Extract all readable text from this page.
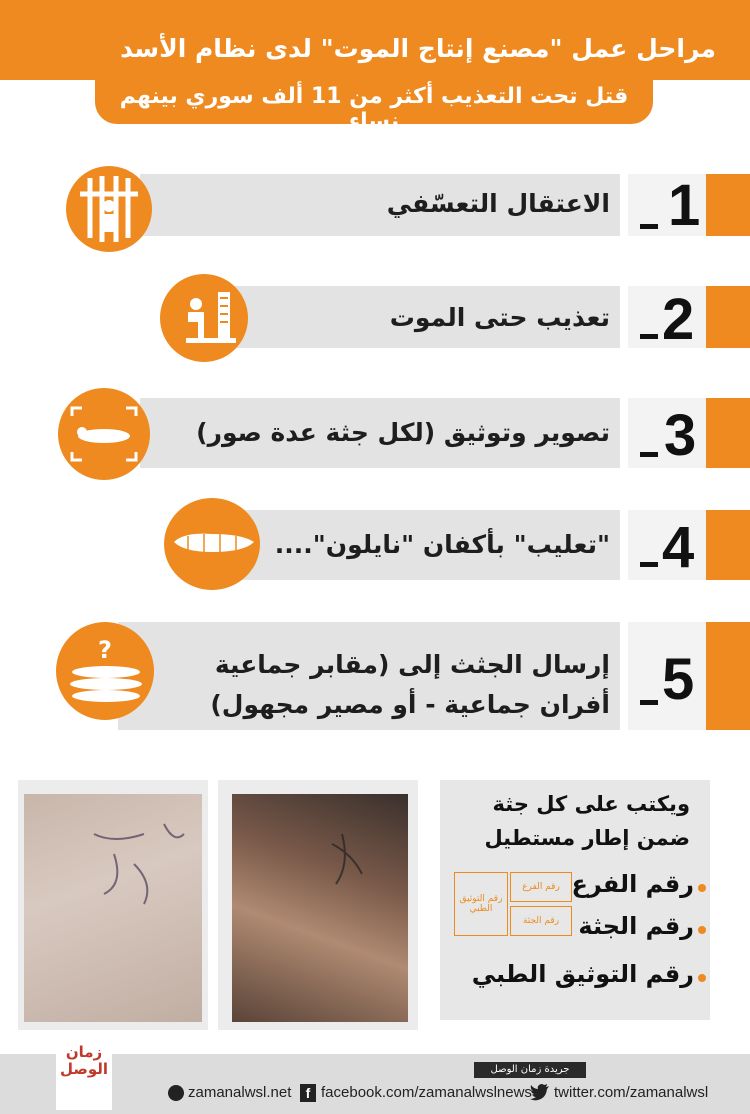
مراحل عمل "مصنع إنتاج الموت" لدى نظام الأسد
قتل تحت التعذيب أكثر من 11 ألف سوري بينهم نساء
الاعتقال التعسّفي 1
تعذيب حتى الموت 2
تصوير وتوثيق (لكل جثة عدة صور) 3
"تعليب" بأكفان "نايلون".... 4
إرسال الجثث إلى (مقابر جماعية
أفران جماعية - أو مصير مجهول) 5
?
ويكتب على كل جثة
ضمن إطار مستطيل
رقم التوثيق الطبي
رقم الفرع
رقم الجثة
رقم الفرع
رقم الجثة
رقم التوثيق الطبي
زمان الوصل	جريدة زمان الوصل
zamanalwsl.net	f facebook.com/zamanalwslnews twitter.com/zamanalwsl
